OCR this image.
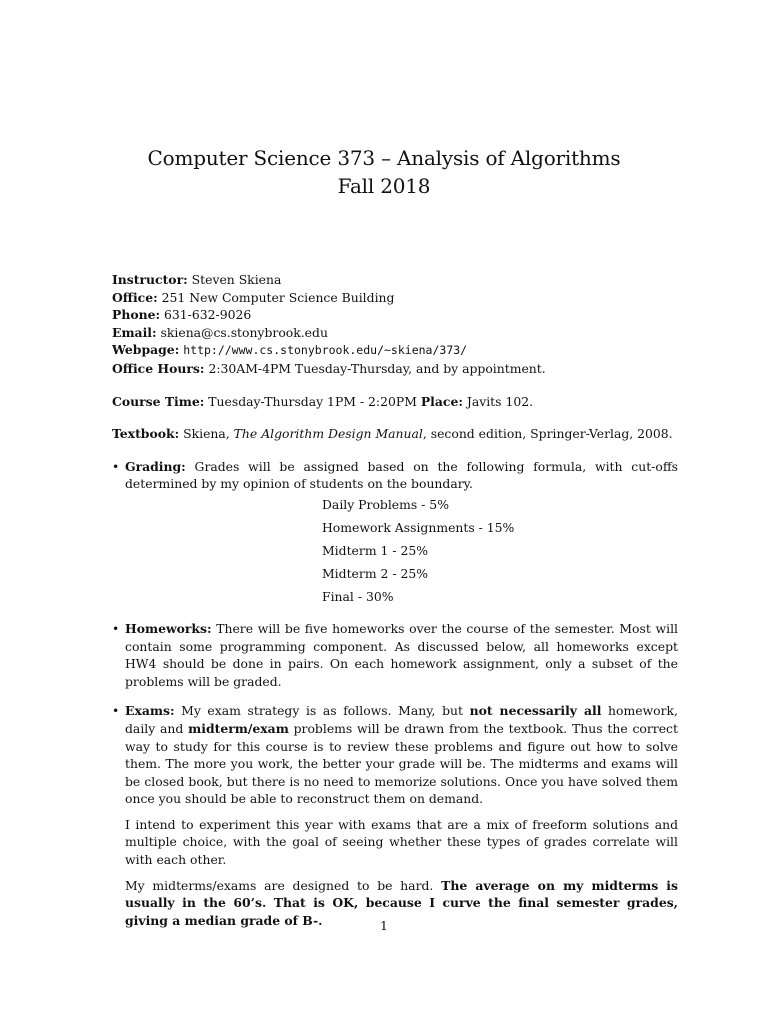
Computer Science 373 – Analysis of Algorithms
Fall 2018
Instructor: Steven Skiena
Office: 251 New Computer Science Building
Phone: 631-632-9026
Email: skiena@cs.stonybrook.edu
Webpage: http://www.cs.stonybrook.edu/~skiena/373/
Office Hours: 2:30AM-4PM Tuesday-Thursday, and by appointment.
Course Time: Tuesday-Thursday 1PM - 2:20PM Place: Javits 102.
Textbook: Skiena, The Algorithm Design Manual, second edition, Springer-Verlag, 2008.
• Grading: Grades will be assigned based on the following formula, with cut-offs determined by my opinion of students on the boundary.
Daily Problems - 5%
Homework Assignments - 15%
Midterm 1 - 25%
Midterm 2 - 25%
Final - 30%
• Homeworks: There will be five homeworks over the course of the semester. Most will contain some programming component. As discussed below, all homeworks except HW4 should be done in pairs. On each homework assignment, only a subset of the problems will be graded.
• Exams: My exam strategy is as follows. Many, but not necessarily all homework, daily and midterm/exam problems will be drawn from the textbook. Thus the correct way to study for this course is to review these problems and figure out how to solve them. The more you work, the better your grade will be. The midterms and exams will be closed book, but there is no need to memorize solutions. Once you have solved them once you should be able to reconstruct them on demand.
I intend to experiment this year with exams that are a mix of freeform solutions and multiple choice, with the goal of seeing whether these types of grades correlate will with each other.
My midterms/exams are designed to be hard. The average on my midterms is usually in the 60’s. That is OK, because I curve the final semester grades, giving a median grade of B-.	1
